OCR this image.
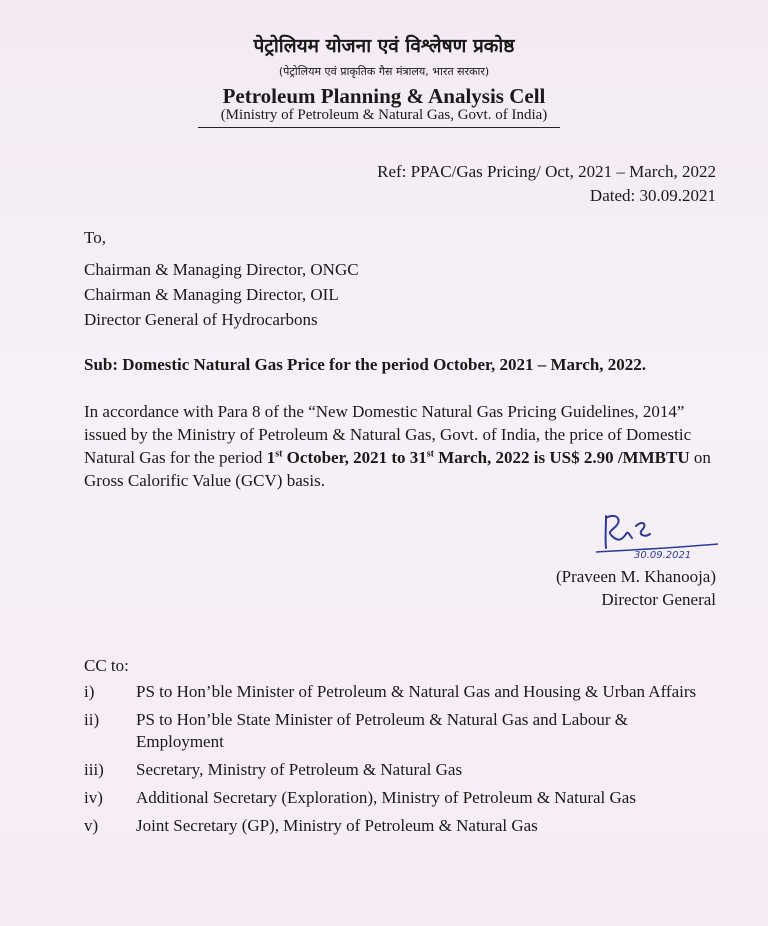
पेट्रोलियम योजना एवं विश्लेषण प्रकोष्ठ
(पेट्रोलियम एवं प्राकृतिक गैस मंत्रालय, भारत सरकार)
Petroleum Planning & Analysis Cell
(Ministry of Petroleum & Natural Gas, Govt. of India)
Ref: PPAC/Gas Pricing/ Oct, 2021 – March, 2022
Dated: 30.09.2021
To,
Chairman & Managing Director, ONGC
Chairman & Managing Director, OIL
Director General of Hydrocarbons
Sub: Domestic Natural Gas Price for the period October, 2021 – March, 2022.
In accordance with Para 8 of the “New Domestic Natural Gas Pricing Guidelines, 2014” issued by the Ministry of Petroleum & Natural Gas, Govt. of India, the price of Domestic Natural Gas for the period 1st October, 2021 to 31st March, 2022 is US$ 2.90 /MMBTU on Gross Calorific Value (GCV) basis.
30.09.2021
(Praveen M. Khanooja)
Director General
CC to:
i) PS to Hon’ble Minister of Petroleum & Natural Gas and Housing & Urban Affairs
ii) PS to Hon’ble State Minister of Petroleum & Natural Gas and Labour & Employment
iii) Secretary, Ministry of Petroleum & Natural Gas
iv) Additional Secretary (Exploration), Ministry of Petroleum & Natural Gas
v) Joint Secretary (GP), Ministry of Petroleum & Natural Gas
